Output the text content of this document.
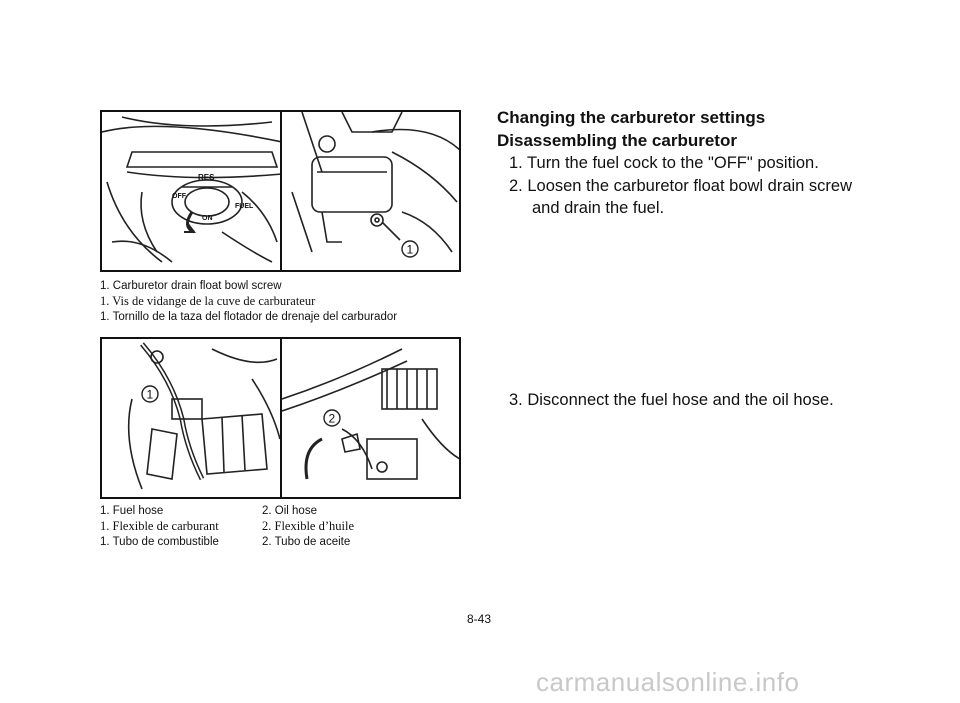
RES
OFF
ON
FUEL
1
1. Carburetor drain float bowl screw
1. Vis de vidange de la cuve de carburateur
1. Tornillo de la taza del flotador de drenaje del carburador
1
2
1. Fuel hose	2. Oil hose
1. Flexible de carburant	2. Flexible d’huile
1. Tubo de combustible	2. Tubo de aceite
Changing the carburetor settings
Disassembling the carburetor
1. Turn the fuel cock to the "OFF" position.
2. Loosen the carburetor float bowl drain screw
and drain the fuel.
3. Disconnect the fuel hose and the oil hose.
8-43
carmanualsonline.info
